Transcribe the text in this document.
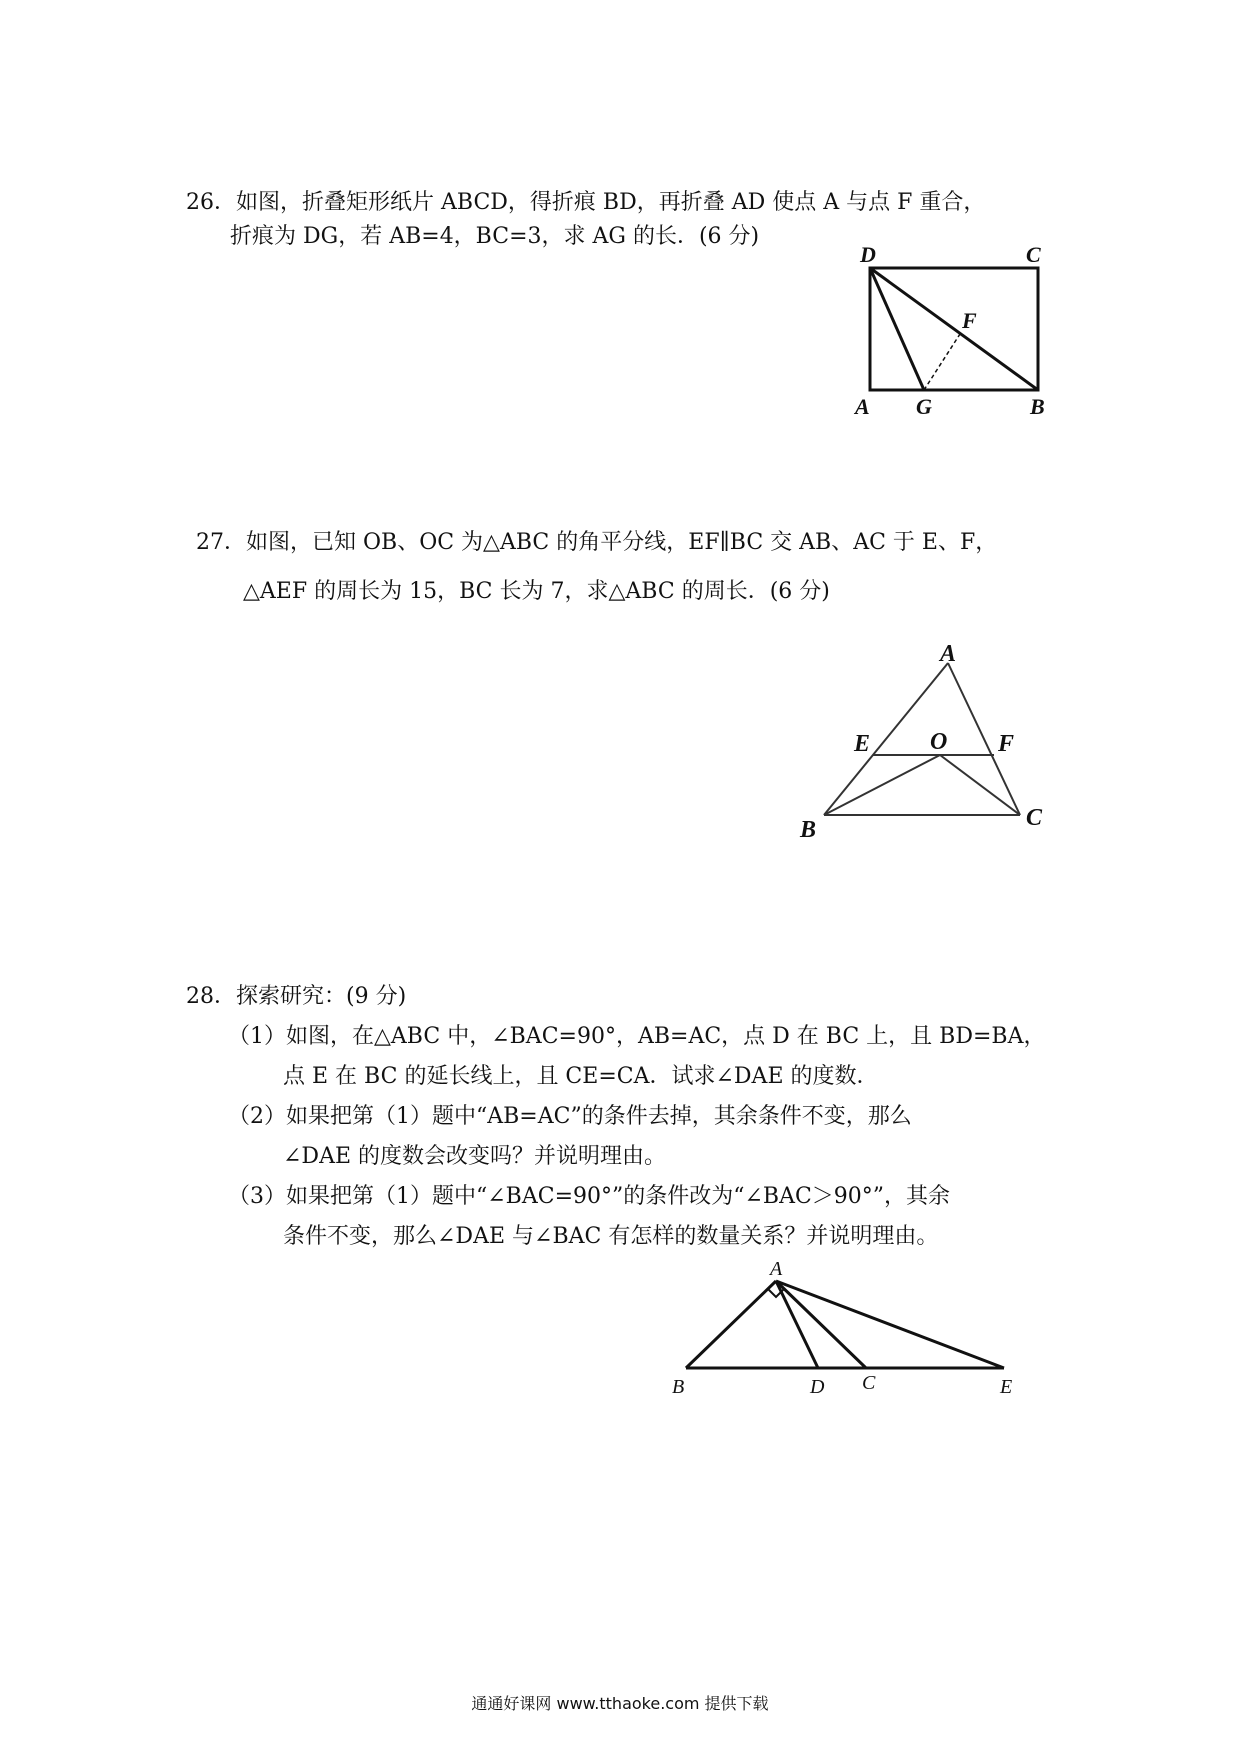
26．如图，折叠矩形纸片 ABCD，得折痕 BD，再折叠 AD 使点 A 与点 F 重合，
折痕为 DG，若 AB=4，BC=3，求 AG 的长．(6 分)
D	C
F
A G	B
27．如图，已知 OB、OC 为△ABC 的角平分线，EF∥BC 交 AB、AC 于 E、F，
△AEF 的周长为 15，BC 长为 7，求△ABC 的周长．(6 分)
A
E O F
B	C
28．探索研究：(9 分)
（1）如图，在△ABC 中，∠BAC=90°，AB=AC，点 D 在 BC 上，且 BD=BA，
点 E 在 BC 的延长线上，且 CE=CA．试求∠DAE 的度数．
（2）如果把第（1）题中“AB=AC”的条件去掉，其余条件不变，那么
∠DAE 的度数会改变吗？并说明理由。
（3）如果把第（1）题中“∠BAC=90°”的条件改为“∠BAC＞90°”，其余
条件不变，那么∠DAE 与∠BAC 有怎样的数量关系？并说明理由。
A
B	D C	E
通通好课网 www.tthaoke.com 提供下载
